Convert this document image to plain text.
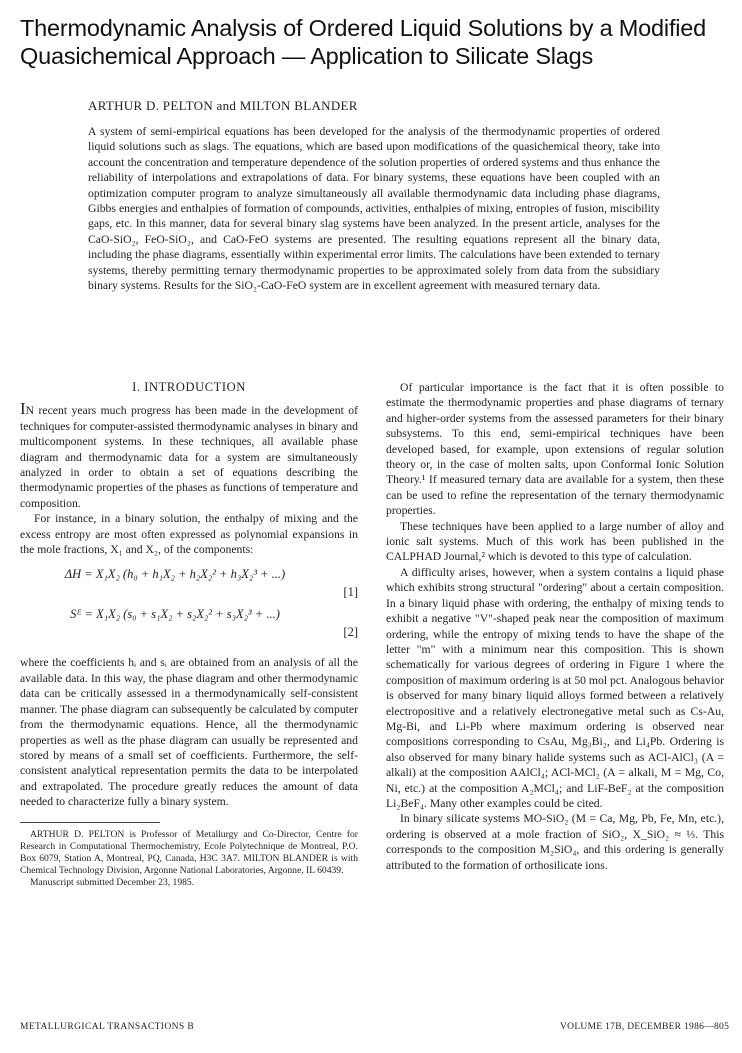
Thermodynamic Analysis of Ordered Liquid Solutions by a Modified Quasichemical Approach — Application to Silicate Slags
ARTHUR D. PELTON and MILTON BLANDER

A system of semi-empirical equations has been developed for the analysis of the thermodynamic properties of ordered liquid solutions such as slags. The equations, which are based upon modifications of the quasichemical theory, take into account the concentration and temperature dependence of the solution properties of ordered systems and thus enhance the reliability of interpolations and extrapolations of data. For binary systems, these equations have been coupled with an optimization computer program to analyze simultaneously all available thermodynamic data including phase diagrams, Gibbs energies and enthalpies of formation of compounds, activities, enthalpies of mixing, entropies of fusion, miscibility gaps, etc. In this manner, data for several binary slag systems have been analyzed. In the present article, analyses for the CaO-SiO₂, FeO-SiO₂, and CaO-FeO systems are presented. The resulting equations represent all the binary data, including the phase diagrams, essentially within experimental error limits. The calculations have been extended to ternary systems, thereby permitting ternary thermodynamic properties to be approximated solely from data from the subsidiary binary systems. Results for the SiO₂-CaO-FeO system are in excellent agreement with measured ternary data.

I. INTRODUCTION

IN recent years much progress has been made in the development of techniques for computer-assisted thermodynamic analyses in binary and multicomponent systems. In these techniques, all available phase diagram and thermodynamic data for a system are simultaneously analyzed in order to obtain a set of equations describing the thermodynamic properties of the phases as functions of temperature and composition.

For instance, in a binary solution, the enthalpy of mixing and the excess entropy are most often expressed as polynomial expansions in the mole fractions, X₁ and X₂, of the components:

ΔH = X₁X₂ (h₀ + h₁X₂ + h₂X₂² + h₃X₂³ + ...)
[1]
Sᴱ = X₁X₂ (s₀ + s₁X₂ + s₂X₂² + s₃X₂³ + ...)
[2]

where the coefficients hᵢ and sᵢ are obtained from an analysis of all the available data. In this way, the phase diagram and other thermodynamic data can be critically assessed in a thermodynamically self-consistent manner. The phase diagram can subsequently be calculated by computer from the thermodynamic equations. Hence, all the thermodynamic properties as well as the phase diagram can usually be represented and stored by means of a small set of coefficients. Furthermore, the self-consistent analytical representation permits the data to be interpolated and extrapolated. The procedure greatly reduces the amount of data needed to characterize fully a binary system.

ARTHUR D. PELTON is Professor of Metallurgy and Co-Director, Centre for Research in Computational Thermochemistry, Ecole Polytechnique de Montreal, P.O. Box 6079, Station A, Montreal, PQ, Canada, H3C 3A7. MILTON BLANDER is with Chemical Technology Division, Argonne National Laboratories, Argonne, IL 60439.

Manuscript submitted December 23, 1985.

Of particular importance is the fact that it is often possible to estimate the thermodynamic properties and phase diagrams of ternary and higher-order systems from the assessed parameters for their binary subsystems. To this end, semi-empirical techniques have been developed based, for example, upon extensions of regular solution theory or, in the case of molten salts, upon Conformal Ionic Solution Theory.¹ If measured ternary data are available for a system, then these can be used to refine the representation of the ternary thermodynamic properties.

These techniques have been applied to a large number of alloy and ionic salt systems. Much of this work has been published in the CALPHAD Journal,² which is devoted to this type of calculation.

A difficulty arises, however, when a system contains a liquid phase which exhibits strong structural "ordering" about a certain composition. In a binary liquid phase with ordering, the enthalpy of mixing tends to exhibit a negative "V"-shaped peak near the composition of maximum ordering, while the entropy of mixing tends to have the shape of the letter "m" with a minimum near this composition. This is shown schematically for various degrees of ordering in Figure 1 where the composition of maximum ordering is at 50 mol pct. Analogous behavior is observed for many binary liquid alloys formed between a relatively electropositive and a relatively electronegative metal such as Cs-Au, Mg-Bi, and Li-Pb where maximum ordering is observed near compositions corresponding to CsAu, Mg₃Bi₂, and Li₄Pb. Ordering is also observed for many binary halide systems such as ACl-AlCl₃ (A = alkali) at the composition AAlCl₄; ACl-MCl₂ (A = alkali, M = Mg, Co, Ni, etc.) at the composition A₂MCl₄; and LiF-BeF₂ at the composition Li₂BeF₄. Many other examples could be cited.

In binary silicate systems MO-SiO₂ (M = Ca, Mg, Pb, Fe, Mn, etc.), ordering is observed at a mole fraction of SiO₂, X_SiO₂ ≈ ⅓. This corresponds to the composition M₂SiO₄, and this ordering is generally attributed to the formation of orthosilicate ions.

METALLURGICAL TRANSACTIONS B	VOLUME 17B, DECEMBER 1986—805
